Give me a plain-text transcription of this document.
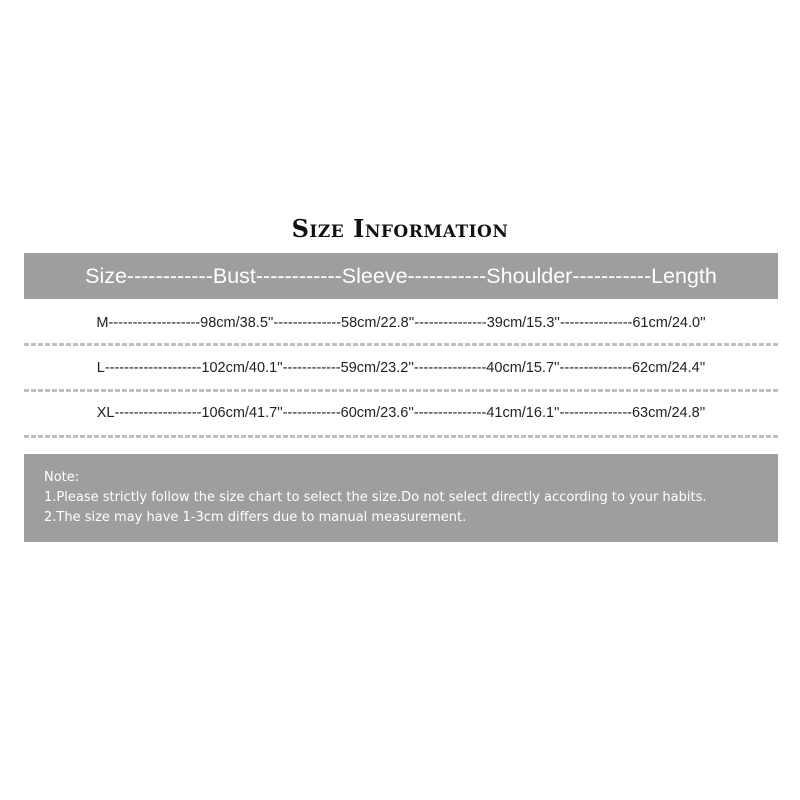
Size Information
Size------------Bust------------Sleeve-----------Shoulder-----------Length
M-------------------98cm/38.5''--------------58cm/22.8''---------------39cm/15.3''---------------61cm/24.0''
L--------------------102cm/40.1''------------59cm/23.2''---------------40cm/15.7''---------------62cm/24.4''
XL------------------106cm/41.7''------------60cm/23.6''---------------41cm/16.1''---------------63cm/24.8''
Note:
1.Please strictly follow the size chart to select the size.Do not select directly according to your habits.
2.The size may have 1-3cm differs due to manual measurement.
